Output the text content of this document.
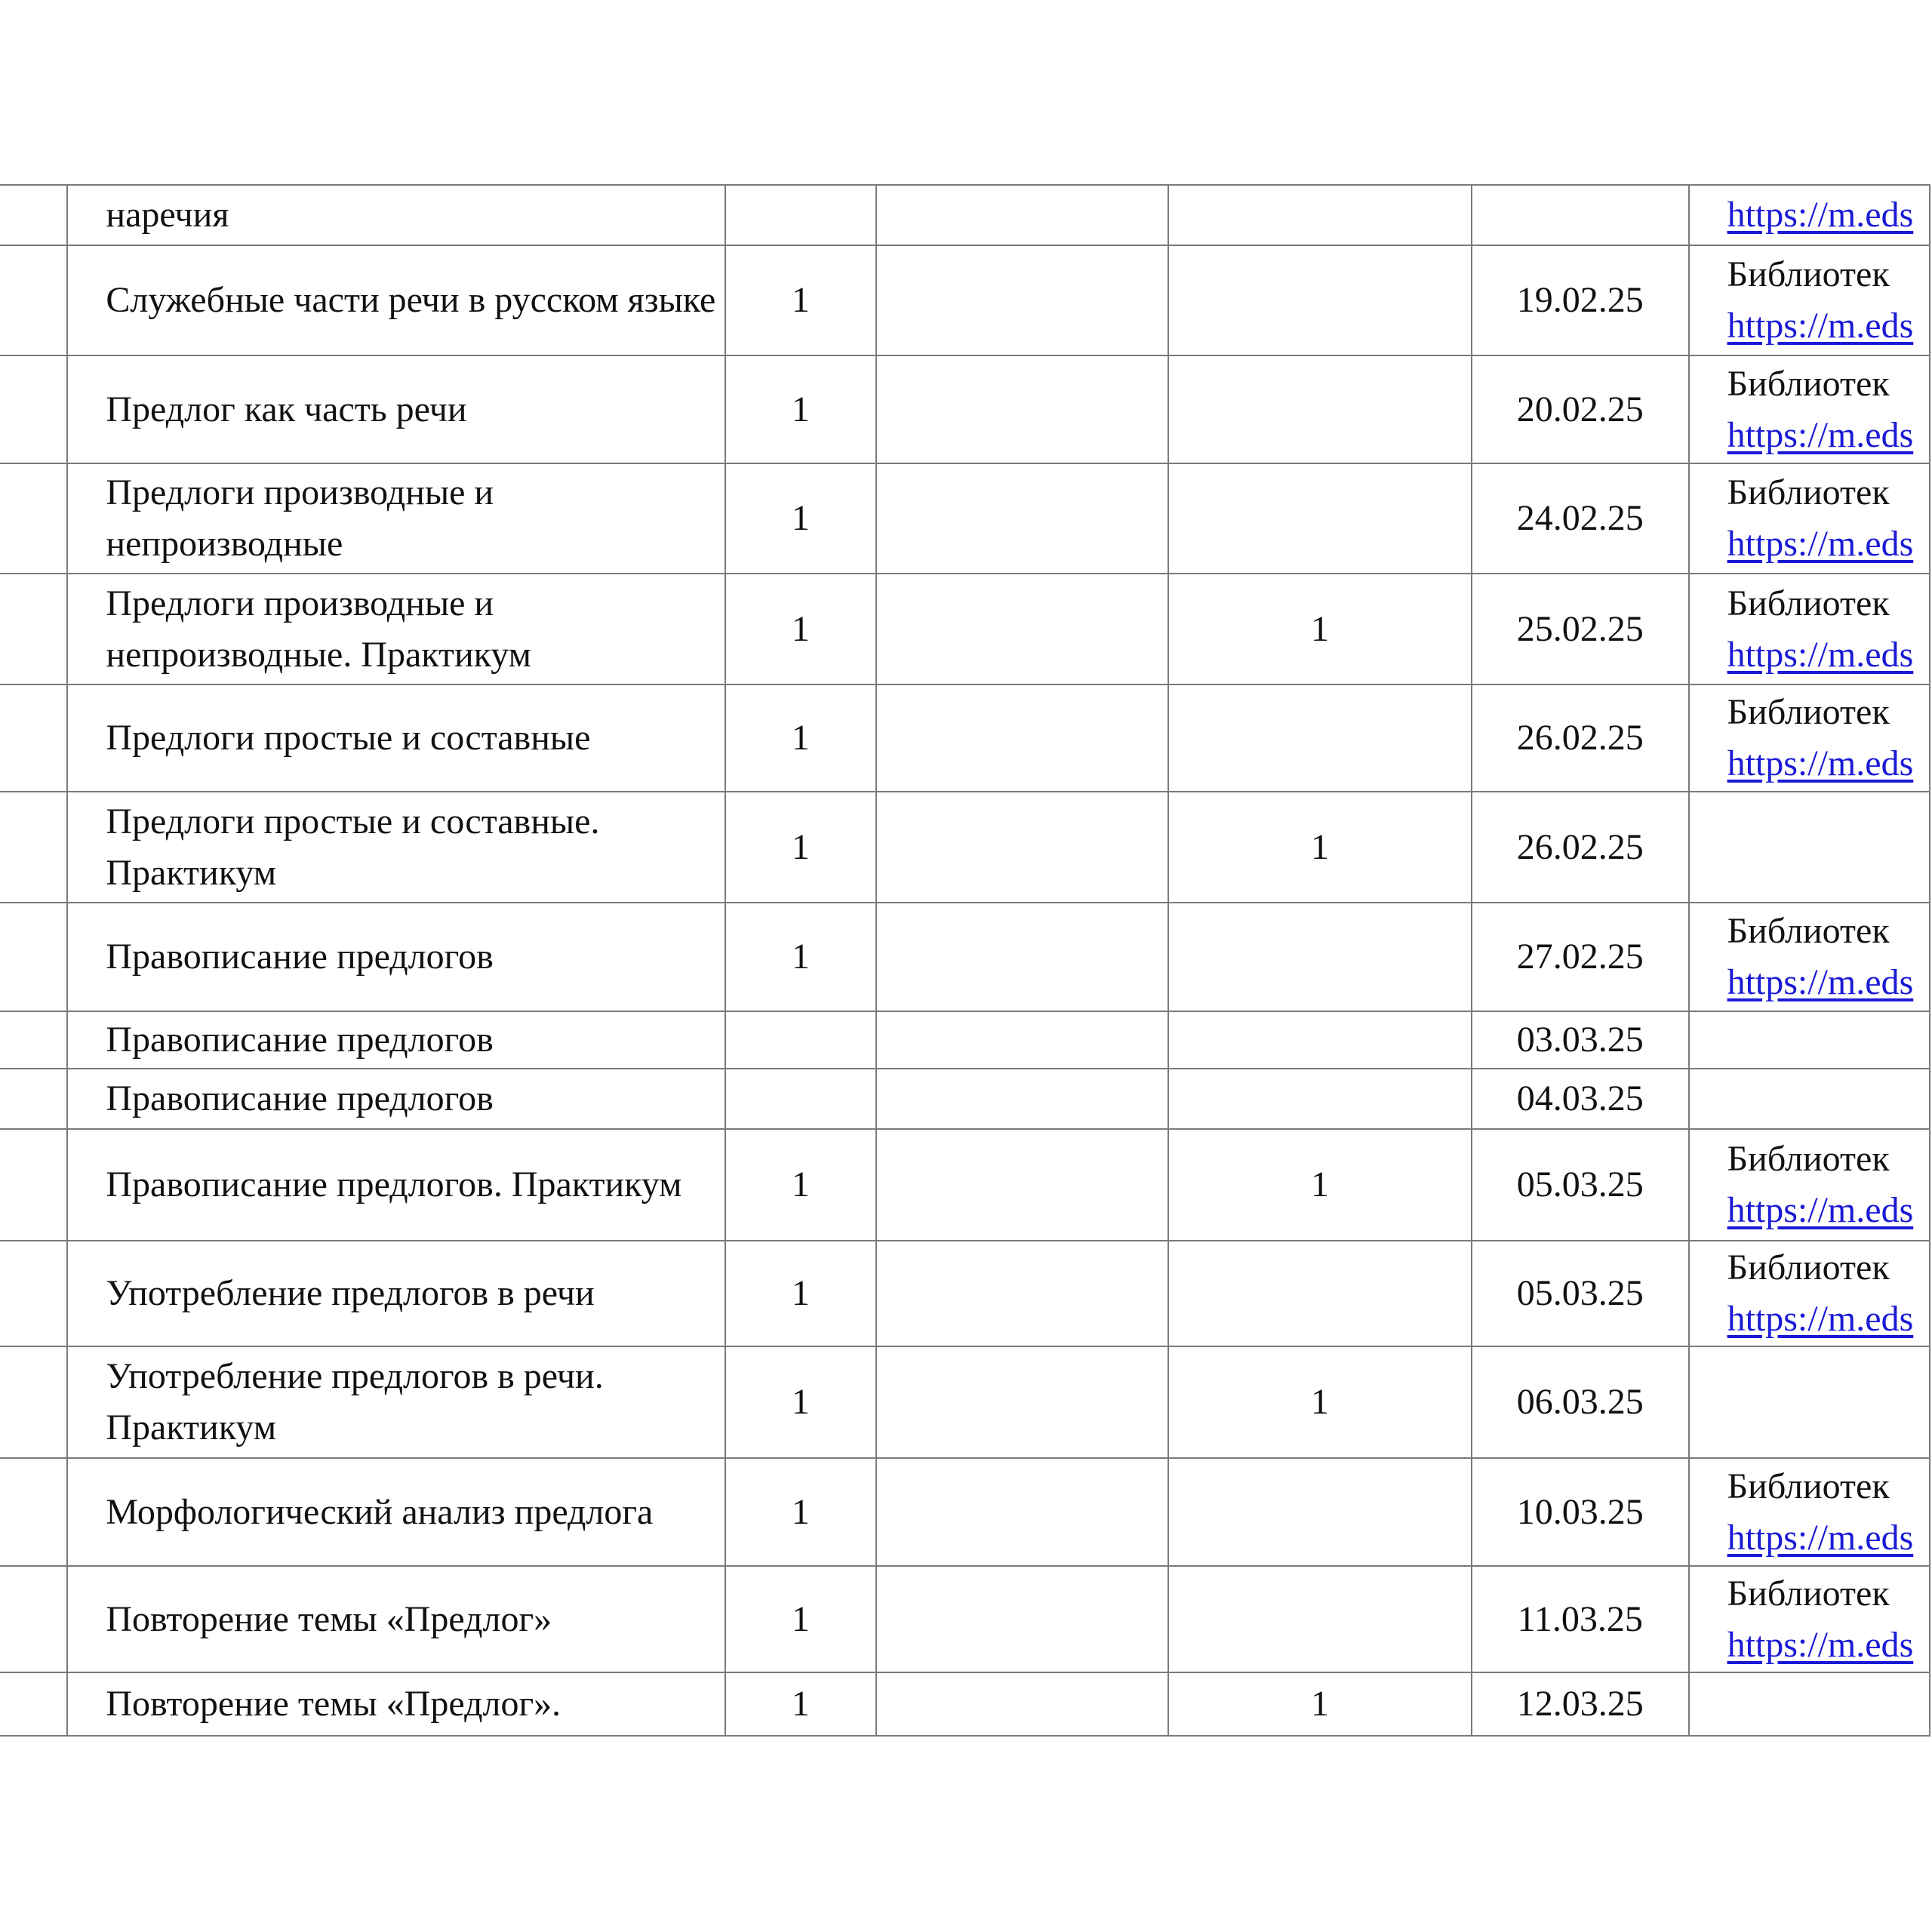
	наречия					https://m.eds

	Служебные части речи в русском языке	1			19.02.25	Библиотек
https://m.eds

	Предлог как часть речи	1			20.02.25	Библиотек
https://m.eds

	Предлоги производные и непроизводные	1			24.02.25	Библиотек
https://m.eds

	Предлоги производные и непроизводные. Практикум	1		1	25.02.25	Библиотек
https://m.eds

	Предлоги простые и составные	1			26.02.25	Библиотек
https://m.eds

	Предлоги простые и составные. Практикум	1		1	26.02.25	

	Правописание предлогов	1			27.02.25	Библиотек
https://m.eds

	Правописание предлогов				03.03.25	

	Правописание предлогов				04.03.25	

	Правописание предлогов. Практикум	1		1	05.03.25	Библиотек
https://m.eds

	Употребление предлогов в речи	1			05.03.25	Библиотек
https://m.eds

	Употребление предлогов в речи. Практикум	1		1	06.03.25	

	Морфологический анализ предлога	1			10.03.25	Библиотек
https://m.eds

	Повторение темы «Предлог»	1			11.03.25	Библиотек
https://m.eds

	Повторение темы «Предлог».	1		1	12.03.25	
